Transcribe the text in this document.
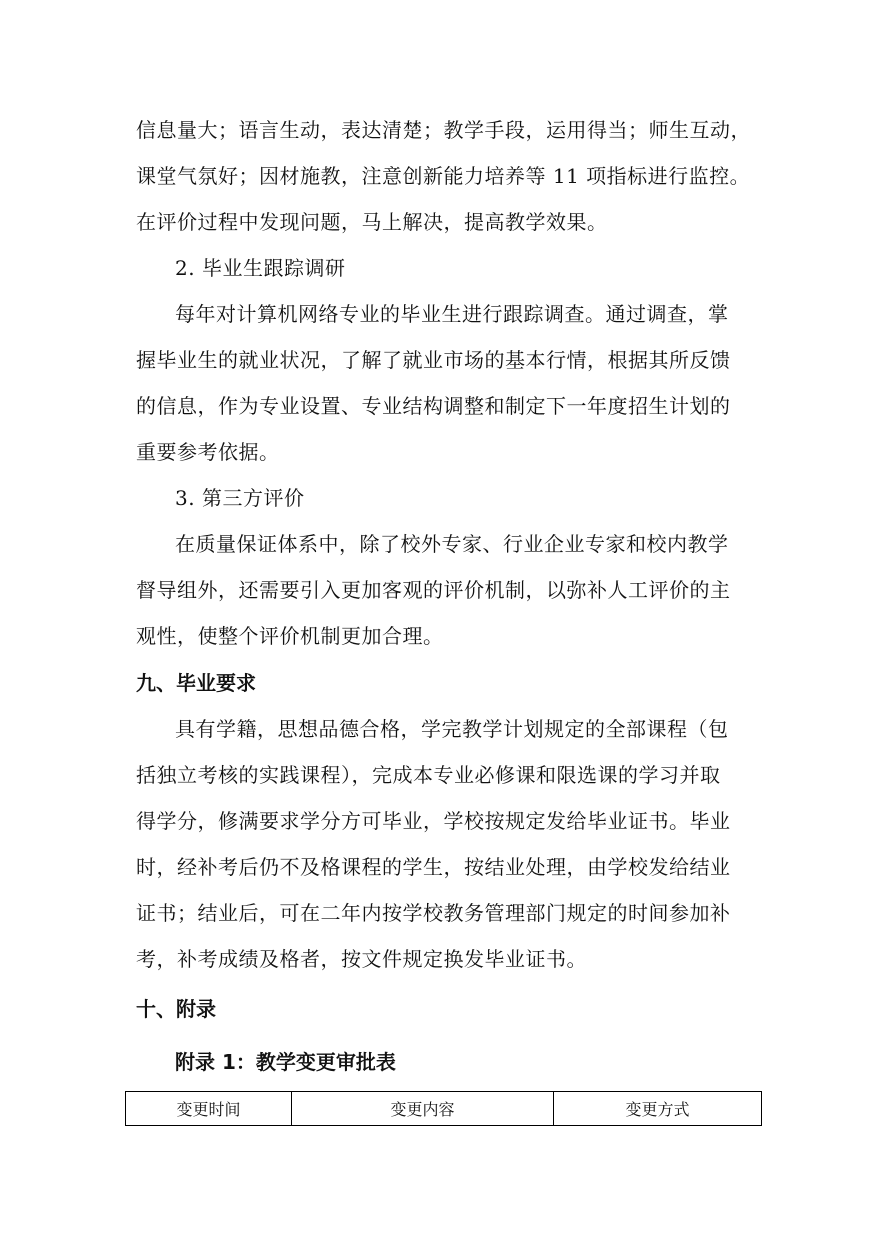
信息量大；语言生动，表达清楚；教学手段，运用得当；师生互动，
课堂气氛好；因材施教，注意创新能力培养等 11 项指标进行监控。
在评价过程中发现问题，马上解决，提高教学效果。
2. 毕业生跟踪调研
每年对计算机网络专业的毕业生进行跟踪调查。通过调查，掌
握毕业生的就业状况，了解了就业市场的基本行情，根据其所反馈
的信息，作为专业设置、专业结构调整和制定下一年度招生计划的
重要参考依据。
3. 第三方评价
在质量保证体系中，除了校外专家、行业企业专家和校内教学
督导组外，还需要引入更加客观的评价机制，以弥补人工评价的主
观性，使整个评价机制更加合理。
九、毕业要求
具有学籍，思想品德合格，学完教学计划规定的全部课程（包
括独立考核的实践课程），完成本专业必修课和限选课的学习并取
得学分，修满要求学分方可毕业，学校按规定发给毕业证书。毕业
时，经补考后仍不及格课程的学生，按结业处理，由学校发给结业
证书；结业后，可在二年内按学校教务管理部门规定的时间参加补
考，补考成绩及格者，按文件规定换发毕业证书。
十、附录
附录 1：教学变更审批表
变更时间	变更内容	变更方式
